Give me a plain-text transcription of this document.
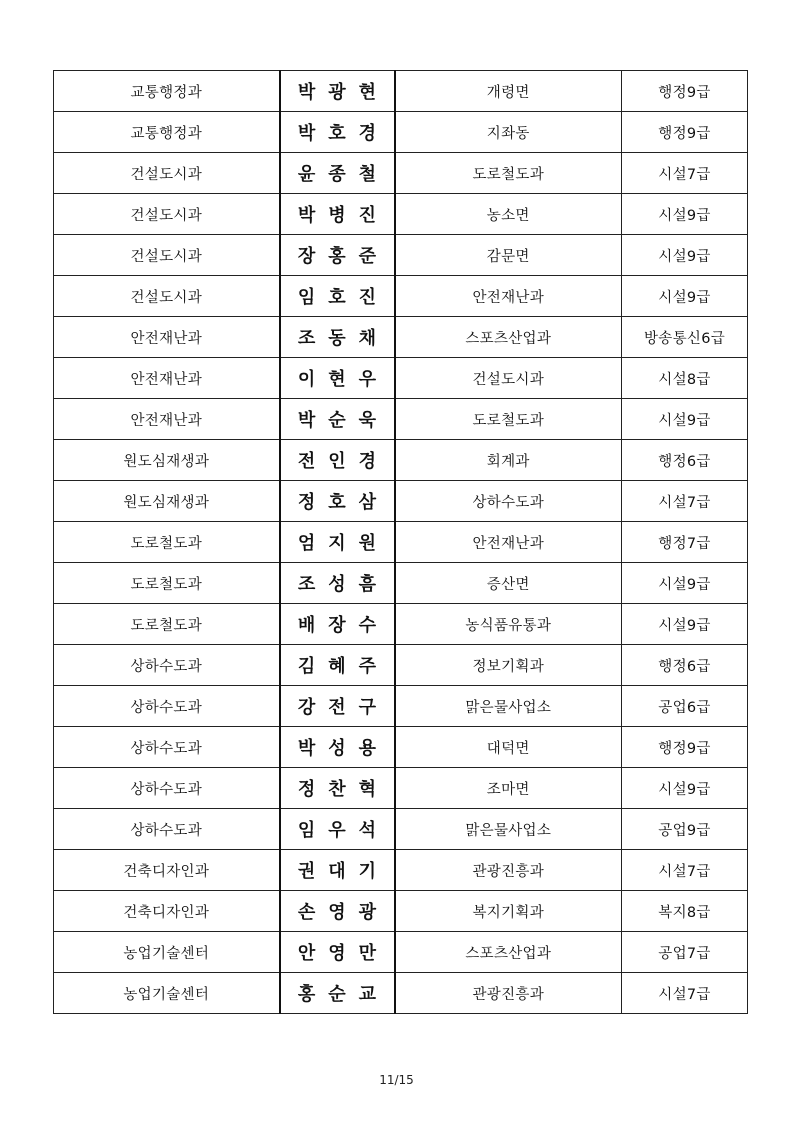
교통행정과	박광현	개령면	행정9급
교통행정과	박호경	지좌동	행정9급
건설도시과	윤종철	도로철도과	시설7급
건설도시과	박병진	농소면	시설9급
건설도시과	장홍준	감문면	시설9급
건설도시과	임호진	안전재난과	시설9급
안전재난과	조동채	스포츠산업과	방송통신6급
안전재난과	이현우	건설도시과	시설8급
안전재난과	박순욱	도로철도과	시설9급
원도심재생과	전인경	회계과	행정6급
원도심재생과	정호삼	상하수도과	시설7급
도로철도과	엄지원	안전재난과	행정7급
도로철도과	조성흠	증산면	시설9급
도로철도과	배장수	농식품유통과	시설9급
상하수도과	김혜주	정보기획과	행정6급
상하수도과	강전구	맑은물사업소	공업6급
상하수도과	박성용	대덕면	행정9급
상하수도과	정찬혁	조마면	시설9급
상하수도과	임우석	맑은물사업소	공업9급
건축디자인과	권대기	관광진흥과	시설7급
건축디자인과	손영광	복지기획과	복지8급
농업기술센터	안영만	스포츠산업과	공업7급
농업기술센터	홍순교	관광진흥과	시설7급
11/15
